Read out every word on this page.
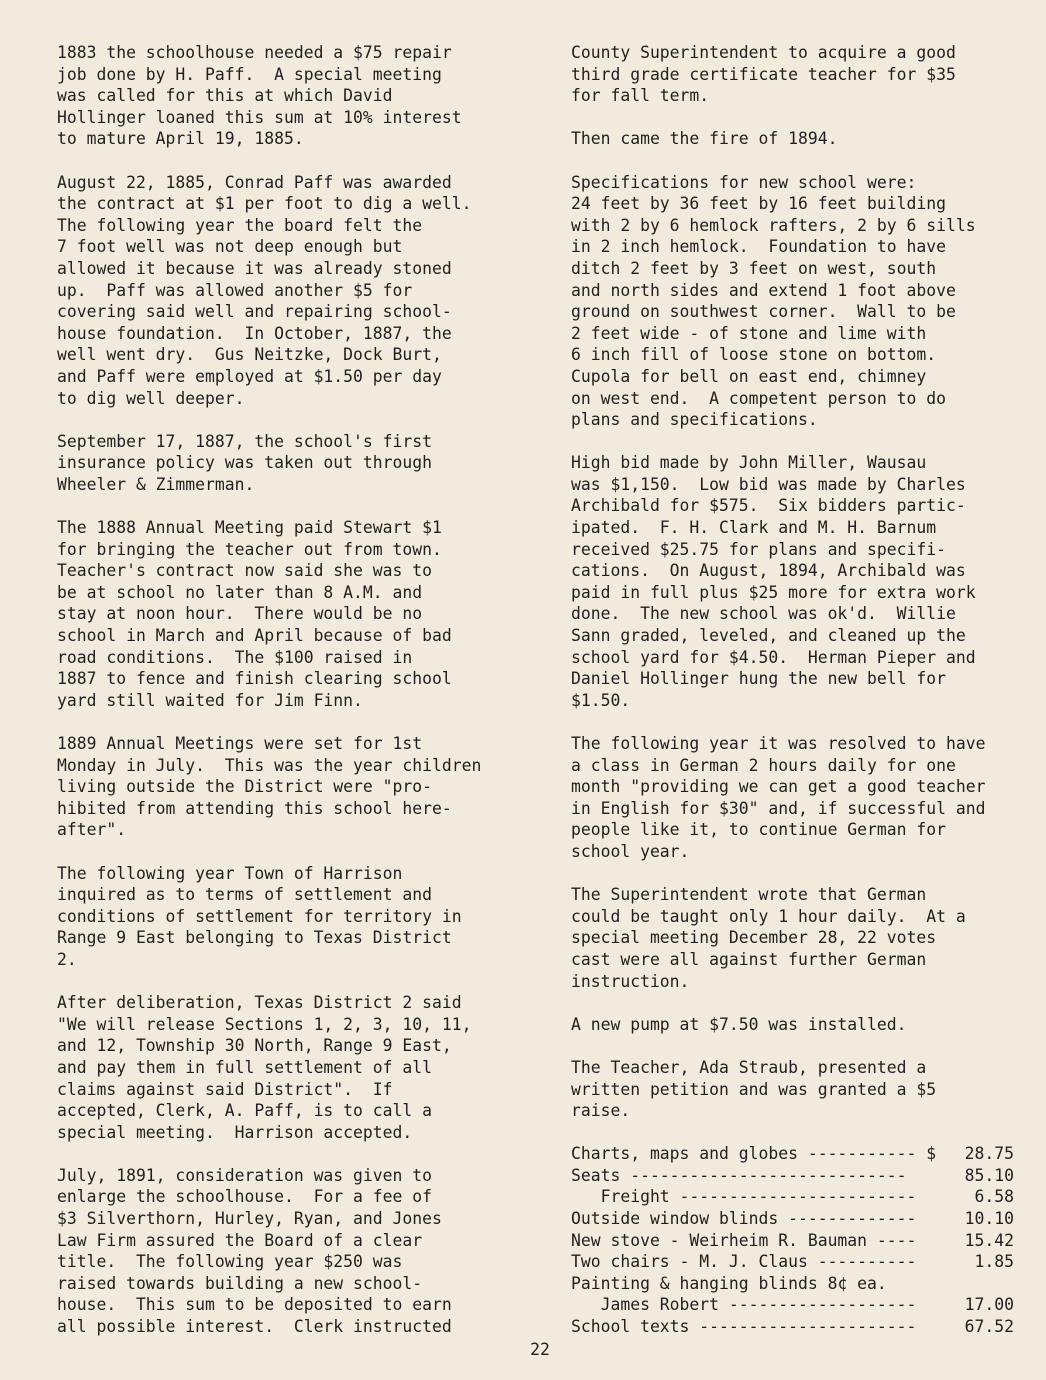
1883 the schoolhouse needed a $75 repair
job done by H. Paff.  A special meeting
was called for this at which David
Hollinger loaned this sum at 10% interest
to mature April 19, 1885.

August 22, 1885, Conrad Paff was awarded
the contract at $1 per foot to dig a well.
The following year the board felt the
7 foot well was not deep enough but
allowed it because it was already stoned
up.  Paff was allowed another $5 for
covering said well and repairing school-
house foundation.  In October, 1887, the
well went dry.  Gus Neitzke, Dock Burt,
and Paff were employed at $1.50 per day
to dig well deeper.

September 17, 1887, the school's first
insurance policy was taken out through
Wheeler & Zimmerman.

The 1888 Annual Meeting paid Stewart $1
for bringing the teacher out from town.
Teacher's contract now said she was to
be at school no later than 8 A.M. and
stay at noon hour.  There would be no
school in March and April because of bad
road conditions.  The $100 raised in
1887 to fence and finish clearing school
yard still waited for Jim Finn.

1889 Annual Meetings were set for 1st
Monday in July.  This was the year children
living outside the District were "pro-
hibited from attending this school here-
after".

The following year Town of Harrison
inquired as to terms of settlement and
conditions of settlement for territory in
Range 9 East belonging to Texas District
2.

After deliberation, Texas District 2 said
"We will release Sections 1, 2, 3, 10, 11,
and 12, Township 30 North, Range 9 East,
and pay them in full settlement of all
claims against said District".  If
accepted, Clerk, A. Paff, is to call a
special meeting.  Harrison accepted.

July, 1891, consideration was given to
enlarge the schoolhouse.  For a fee of
$3 Silverthorn, Hurley, Ryan, and Jones
Law Firm assured the Board of a clear
title.  The following year $250 was
raised towards building a new school-
house.  This sum to be deposited to earn
all possible interest.  Clerk instructed

County Superintendent to acquire a good
third grade certificate teacher for $35
for fall term.

Then came the fire of 1894.

Specifications for new school were:
24 feet by 36 feet by 16 feet building
with 2 by 6 hemlock rafters, 2 by 6 sills
in 2 inch hemlock.  Foundation to have
ditch 2 feet by 3 feet on west, south
and north sides and extend 1 foot above
ground on southwest corner.  Wall to be
2 feet wide - of stone and lime with
6 inch fill of loose stone on bottom.
Cupola for bell on east end, chimney
on west end.  A competent person to do
plans and specifications.

High bid made by John Miller, Wausau
was $1,150.  Low bid was made by Charles
Archibald for $575.  Six bidders partic-
ipated.  F. H. Clark and M. H. Barnum
received $25.75 for plans and specifi-
cations.  On August, 1894, Archibald was
paid in full plus $25 more for extra work
done.  The new school was ok'd.  Willie
Sann graded, leveled, and cleaned up the
school yard for $4.50.  Herman Pieper and
Daniel Hollinger hung the new bell for
$1.50.

The following year it was resolved to have
a class in German 2 hours daily for one
month "providing we can get a good teacher
in English for $30" and, if successful and
people like it, to continue German for
school year.

The Superintendent wrote that German
could be taught only 1 hour daily.  At a
special meeting December 28, 22 votes
cast were all against further German
instruction.

A new pump at $7.50 was installed.

The Teacher, Ada Straub, presented a
written petition and was granted a $5
raise.

Charts, maps and globes ----------- $ 28.75
Seats ----------------------------	85.10
Freight ------------------------	6.58
Outside window blinds -------------	10.10
New stove - Weirheim R. Bauman ----	15.42
Two chairs - M. J. Claus ----------	1.85
Painting & hanging blinds 8¢ ea.
James Robert -------------------	17.00
School texts ----------------------	67.52
22
